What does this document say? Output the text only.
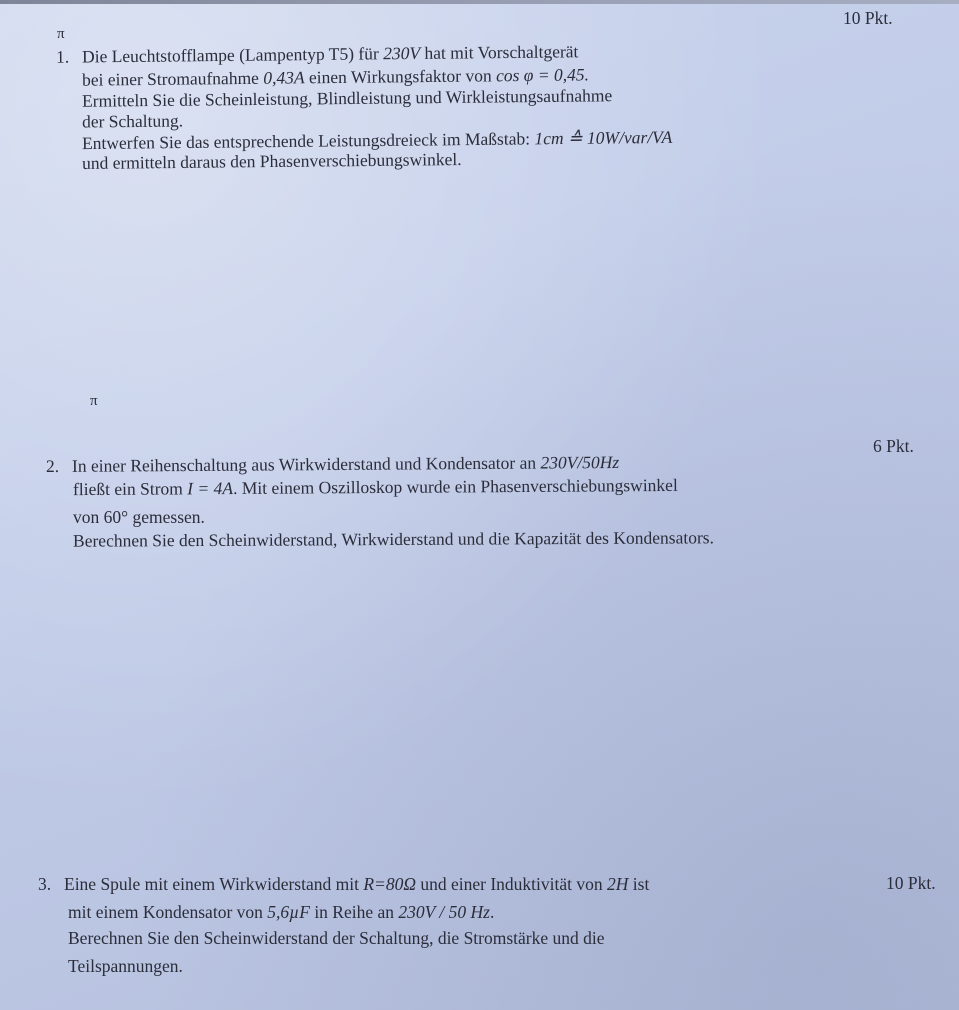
π
10 Pkt.
1. Die Leuchtstofflampe (Lampentyp T5) für 230V hat mit Vorschaltgerät
bei einer Stromaufnahme 0,43A einen Wirkungsfaktor von cos φ = 0,45.
Ermitteln Sie die Scheinleistung, Blindleistung und Wirkleistungsaufnahme
der Schaltung.
Entwerfen Sie das entsprechende Leistungsdreieck im Maßstab: 1cm ≙ 10W/var/VA
und ermitteln daraus den Phasenverschiebungswinkel.
π
6 Pkt.
2. In einer Reihenschaltung aus Wirkwiderstand und Kondensator an 230V/50Hz
fließt ein Strom I = 4A. Mit einem Oszilloskop wurde ein Phasenverschiebungswinkel
von 60° gemessen.
Berechnen Sie den Scheinwiderstand, Wirkwiderstand und die Kapazität des Kondensators.
10 Pkt.
3. Eine Spule mit einem Wirkwiderstand mit R=80Ω und einer Induktivität von 2H ist
mit einem Kondensator von 5,6µF in Reihe an 230V / 50 Hz.
Berechnen Sie den Scheinwiderstand der Schaltung, die Stromstärke und die
Teilspannungen.
